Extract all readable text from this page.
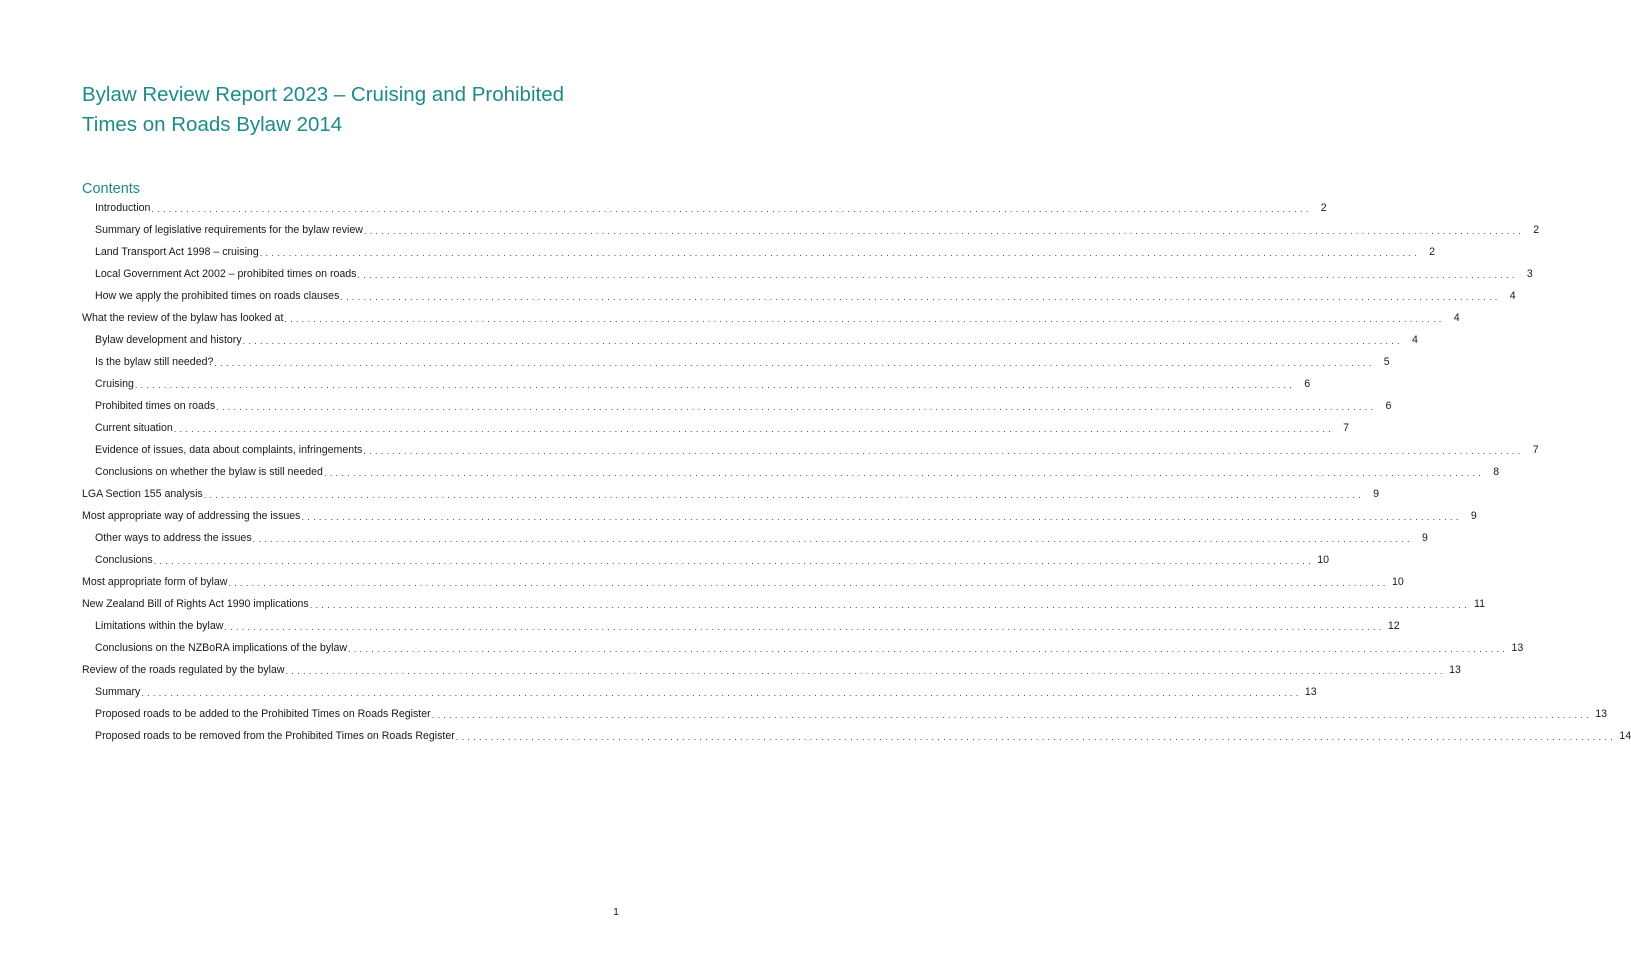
Bylaw Review Report 2023 – Cruising and Prohibited Times on Roads Bylaw 2014
Contents
Introduction . . . . . . . . . . . . . . . . . . . . . . . . . . . . . . . . . . . . . . . . . . . . . . . . . . . . . . . . . . . . . . . . . . . . . . . . . . . . . . . . . . . . . . . . . . . . . . . . . . . . . . . . . . . . . . . . . . . . . . . . . . . . . . . . . . . . . . . . . . . . . . . . . . . . . . . . . . . . . . . . . . . . . . . . . . . . . . . . . . . . . . . . . . . . . . . . . . . . . . . .	2
Summary of legislative requirements for the bylaw review . . . . . . . . . . . . . . . . . . . . . . . . . . . . . . . . . . . . . . . . . . . . . . . . . . . . . . . . . . . . . . . . . . . . . . . . . . . . . . . . . . . . . . . . . . . . . . . . . . . . . . . . . . . . . . . . . . . . . . . . . . . . . . . . . . . . . . . . . . . . . . . . . . . . . . . . . . . . . . . . . . . . . . . . . . . . . . . . . . . . . . . . . . . . . . . . . . . . . . . .	2
Land Transport Act 1998 – cruising . . . . . . . . . . . . . . . . . . . . . . . . . . . . . . . . . . . . . . . . . . . . . . . . . . . . . . . . . . . . . . . . . . . . . . . . . . . . . . . . . . . . . . . . . . . . . . . . . . . . . . . . . . . . . . . . . . . . . . . . . . . . . . . . . . . . . . . . . . . . . . . . . . . . . . . . . . . . . . . . . . . . . . . . . . . . . . . . . . . . . . . . . . . . . . . . . . . . . . . .	2
Local Government Act 2002 – prohibited times on roads . . . . . . . . . . . . . . . . . . . . . . . . . . . . . . . . . . . . . . . . . . . . . . . . . . . . . . . . . . . . . . . . . . . . . . . . . . . . . . . . . . . . . . . . . . . . . . . . . . . . . . . . . . . . . . . . . . . . . . . . . . . . . . . . . . . . . . . . . . . . . . . . . . . . . . . . . . . . . . . . . . . . . . . . . . . . . . . . . . . . . . . . . . . . . . . . . . . . . . . .	3
How we apply the prohibited times on roads clauses . . . . . . . . . . . . . . . . . . . . . . . . . . . . . . . . . . . . . . . . . . . . . . . . . . . . . . . . . . . . . . . . . . . . . . . . . . . . . . . . . . . . . . . . . . . . . . . . . . . . . . . . . . . . . . . . . . . . . . . . . . . . . . . . . . . . . . . . . . . . . . . . . . . . . . . . . . . . . . . . . . . . . . . . . . . . . . . . . . . . . . . . . . . . . . . . . . . . . . . .	4
What the review of the bylaw has looked at . . . . . . . . . . . . . . . . . . . . . . . . . . . . . . . . . . . . . . . . . . . . . . . . . . . . . . . . . . . . . . . . . . . . . . . . . . . . . . . . . . . . . . . . . . . . . . . . . . . . . . . . . . . . . . . . . . . . . . . . . . . . . . . . . . . . . . . . . . . . . . . . . . . . . . . . . . . . . . . . . . . . . . . . . . . . . . . . . . . . . . . . . . . . . . . . . . . . . . . .	4
Bylaw development and history . . . . . . . . . . . . . . . . . . . . . . . . . . . . . . . . . . . . . . . . . . . . . . . . . . . . . . . . . . . . . . . . . . . . . . . . . . . . . . . . . . . . . . . . . . . . . . . . . . . . . . . . . . . . . . . . . . . . . . . . . . . . . . . . . . . . . . . . . . . . . . . . . . . . . . . . . . . . . . . . . . . . . . . . . . . . . . . . . . . . . . . . . . . . . . . . . . . . . . . .	4
Is the bylaw still needed? . . . . . . . . . . . . . . . . . . . . . . . . . . . . . . . . . . . . . . . . . . . . . . . . . . . . . . . . . . . . . . . . . . . . . . . . . . . . . . . . . . . . . . . . . . . . . . . . . . . . . . . . . . . . . . . . . . . . . . . . . . . . . . . . . . . . . . . . . . . . . . . . . . . . . . . . . . . . . . . . . . . . . . . . . . . . . . . . . . . . . . . . . . . . . . . . . . . . . . . .	5
Cruising . . . . . . . . . . . . . . . . . . . . . . . . . . . . . . . . . . . . . . . . . . . . . . . . . . . . . . . . . . . . . . . . . . . . . . . . . . . . . . . . . . . . . . . . . . . . . . . . . . . . . . . . . . . . . . . . . . . . . . . . . . . . . . . . . . . . . . . . . . . . . . . . . . . . . . . . . . . . . . . . . . . . . . . . . . . . . . . . . . . . . . . . . . . . . . . . . . . . . . . .	6
Prohibited times on roads . . . . . . . . . . . . . . . . . . . . . . . . . . . . . . . . . . . . . . . . . . . . . . . . . . . . . . . . . . . . . . . . . . . . . . . . . . . . . . . . . . . . . . . . . . . . . . . . . . . . . . . . . . . . . . . . . . . . . . . . . . . . . . . . . . . . . . . . . . . . . . . . . . . . . . . . . . . . . . . . . . . . . . . . . . . . . . . . . . . . . . . . . . . . . . . . . . . . . . . .	6
Current situation . . . . . . . . . . . . . . . . . . . . . . . . . . . . . . . . . . . . . . . . . . . . . . . . . . . . . . . . . . . . . . . . . . . . . . . . . . . . . . . . . . . . . . . . . . . . . . . . . . . . . . . . . . . . . . . . . . . . . . . . . . . . . . . . . . . . . . . . . . . . . . . . . . . . . . . . . . . . . . . . . . . . . . . . . . . . . . . . . . . . . . . . . . . . . . . . . . . . . . . .	7
Evidence of issues, data about complaints, infringements . . . . . . . . . . . . . . . . . . . . . . . . . . . . . . . . . . . . . . . . . . . . . . . . . . . . . . . . . . . . . . . . . . . . . . . . . . . . . . . . . . . . . . . . . . . . . . . . . . . . . . . . . . . . . . . . . . . . . . . . . . . . . . . . . . . . . . . . . . . . . . . . . . . . . . . . . . . . . . . . . . . . . . . . . . . . . . . . . . . . . . . . . . . . . . . . . . . . . . . .	7
Conclusions on whether the bylaw is still needed . . . . . . . . . . . . . . . . . . . . . . . . . . . . . . . . . . . . . . . . . . . . . . . . . . . . . . . . . . . . . . . . . . . . . . . . . . . . . . . . . . . . . . . . . . . . . . . . . . . . . . . . . . . . . . . . . . . . . . . . . . . . . . . . . . . . . . . . . . . . . . . . . . . . . . . . . . . . . . . . . . . . . . . . . . . . . . . . . . . . . . . . . . . . . . . . . . . . . . . .	8
LGA Section 155 analysis . . . . . . . . . . . . . . . . . . . . . . . . . . . . . . . . . . . . . . . . . . . . . . . . . . . . . . . . . . . . . . . . . . . . . . . . . . . . . . . . . . . . . . . . . . . . . . . . . . . . . . . . . . . . . . . . . . . . . . . . . . . . . . . . . . . . . . . . . . . . . . . . . . . . . . . . . . . . . . . . . . . . . . . . . . . . . . . . . . . . . . . . . . . . . . . . . . . . . . . .	9
Most appropriate way of addressing the issues . . . . . . . . . . . . . . . . . . . . . . . . . . . . . . . . . . . . . . . . . . . . . . . . . . . . . . . . . . . . . . . . . . . . . . . . . . . . . . . . . . . . . . . . . . . . . . . . . . . . . . . . . . . . . . . . . . . . . . . . . . . . . . . . . . . . . . . . . . . . . . . . . . . . . . . . . . . . . . . . . . . . . . . . . . . . . . . . . . . . . . . . . . . . . . . . . . . . . . . .	9
Other ways to address the issues . . . . . . . . . . . . . . . . . . . . . . . . . . . . . . . . . . . . . . . . . . . . . . . . . . . . . . . . . . . . . . . . . . . . . . . . . . . . . . . . . . . . . . . . . . . . . . . . . . . . . . . . . . . . . . . . . . . . . . . . . . . . . . . . . . . . . . . . . . . . . . . . . . . . . . . . . . . . . . . . . . . . . . . . . . . . . . . . . . . . . . . . . . . . . . . . . . . . . . . .	9
Conclusions . . . . . . . . . . . . . . . . . . . . . . . . . . . . . . . . . . . . . . . . . . . . . . . . . . . . . . . . . . . . . . . . . . . . . . . . . . . . . . . . . . . . . . . . . . . . . . . . . . . . . . . . . . . . . . . . . . . . . . . . . . . . . . . . . . . . . . . . . . . . . . . . . . . . . . . . . . . . . . . . . . . . . . . . . . . . . . . . . . . . . . . . . . . . . . . . . . . . . . . . 10
Most appropriate form of bylaw . . . . . . . . . . . . . . . . . . . . . . . . . . . . . . . . . . . . . . . . . . . . . . . . . . . . . . . . . . . . . . . . . . . . . . . . . . . . . . . . . . . . . . . . . . . . . . . . . . . . . . . . . . . . . . . . . . . . . . . . . . . . . . . . . . . . . . . . . . . . . . . . . . . . . . . . . . . . . . . . . . . . . . . . . . . . . . . . . . . . . . . . . . . . . . . . . . . . . . . . 10
New Zealand Bill of Rights Act 1990 implications . . . . . . . . . . . . . . . . . . . . . . . . . . . . . . . . . . . . . . . . . . . . . . . . . . . . . . . . . . . . . . . . . . . . . . . . . . . . . . . . . . . . . . . . . . . . . . . . . . . . . . . . . . . . . . . . . . . . . . . . . . . . . . . . . . . . . . . . . . . . . . . . . . . . . . . . . . . . . . . . . . . . . . . . . . . . . . . . . . . . . . . . . . . . . . . . . . . . . . . . 11
Limitations within the bylaw . . . . . . . . . . . . . . . . . . . . . . . . . . . . . . . . . . . . . . . . . . . . . . . . . . . . . . . . . . . . . . . . . . . . . . . . . . . . . . . . . . . . . . . . . . . . . . . . . . . . . . . . . . . . . . . . . . . . . . . . . . . . . . . . . . . . . . . . . . . . . . . . . . . . . . . . . . . . . . . . . . . . . . . . . . . . . . . . . . . . . . . . . . . . . . . . . . . . . . . . 12
Conclusions on the NZBoRA implications of the bylaw . . . . . . . . . . . . . . . . . . . . . . . . . . . . . . . . . . . . . . . . . . . . . . . . . . . . . . . . . . . . . . . . . . . . . . . . . . . . . . . . . . . . . . . . . . . . . . . . . . . . . . . . . . . . . . . . . . . . . . . . . . . . . . . . . . . . . . . . . . . . . . . . . . . . . . . . . . . . . . . . . . . . . . . . . . . . . . . . . . . . . . . . . . . . . . . . . . . . . . . . 13
Review of the roads regulated by the bylaw . . . . . . . . . . . . . . . . . . . . . . . . . . . . . . . . . . . . . . . . . . . . . . . . . . . . . . . . . . . . . . . . . . . . . . . . . . . . . . . . . . . . . . . . . . . . . . . . . . . . . . . . . . . . . . . . . . . . . . . . . . . . . . . . . . . . . . . . . . . . . . . . . . . . . . . . . . . . . . . . . . . . . . . . . . . . . . . . . . . . . . . . . . . . . . . . . . . . . . . . 13
Summary . . . . . . . . . . . . . . . . . . . . . . . . . . . . . . . . . . . . . . . . . . . . . . . . . . . . . . . . . . . . . . . . . . . . . . . . . . . . . . . . . . . . . . . . . . . . . . . . . . . . . . . . . . . . . . . . . . . . . . . . . . . . . . . . . . . . . . . . . . . . . . . . . . . . . . . . . . . . . . . . . . . . . . . . . . . . . . . . . . . . . . . . . . . . . . . . . . . . . . . . 13
Proposed roads to be added to the Prohibited Times on Roads Register . . . . . . . . . . . . . . . . . . . . . . . . . . . . . . . . . . . . . . . . . . . . . . . . . . . . . . . . . . . . . . . . . . . . . . . . . . . . . . . . . . . . . . . . . . . . . . . . . . . . . . . . . . . . . . . . . . . . . . . . . . . . . . . . . . . . . . . . . . . . . . . . . . . . . . . . . . . . . . . . . . . . . . . . . . . . . . . . . . . . . . . . . . . . . . . . . . . . . . . . 13
Proposed roads to be removed from the Prohibited Times on Roads Register . . . . . . . . . . . . . . . . . . . . . . . . . . . . . . . . . . . . . . . . . . . . . . . . . . . . . . . . . . . . . . . . . . . . . . . . . . . . . . . . . . . . . . . . . . . . . . . . . . . . . . . . . . . . . . . . . . . . . . . . . . . . . . . . . . . . . . . . . . . . . . . . . . . . . . . . . . . . . . . . . . . . . . . . . . . . . . . . . . . . . . . . . . . . . . . . . . . . . . . . 14

1
